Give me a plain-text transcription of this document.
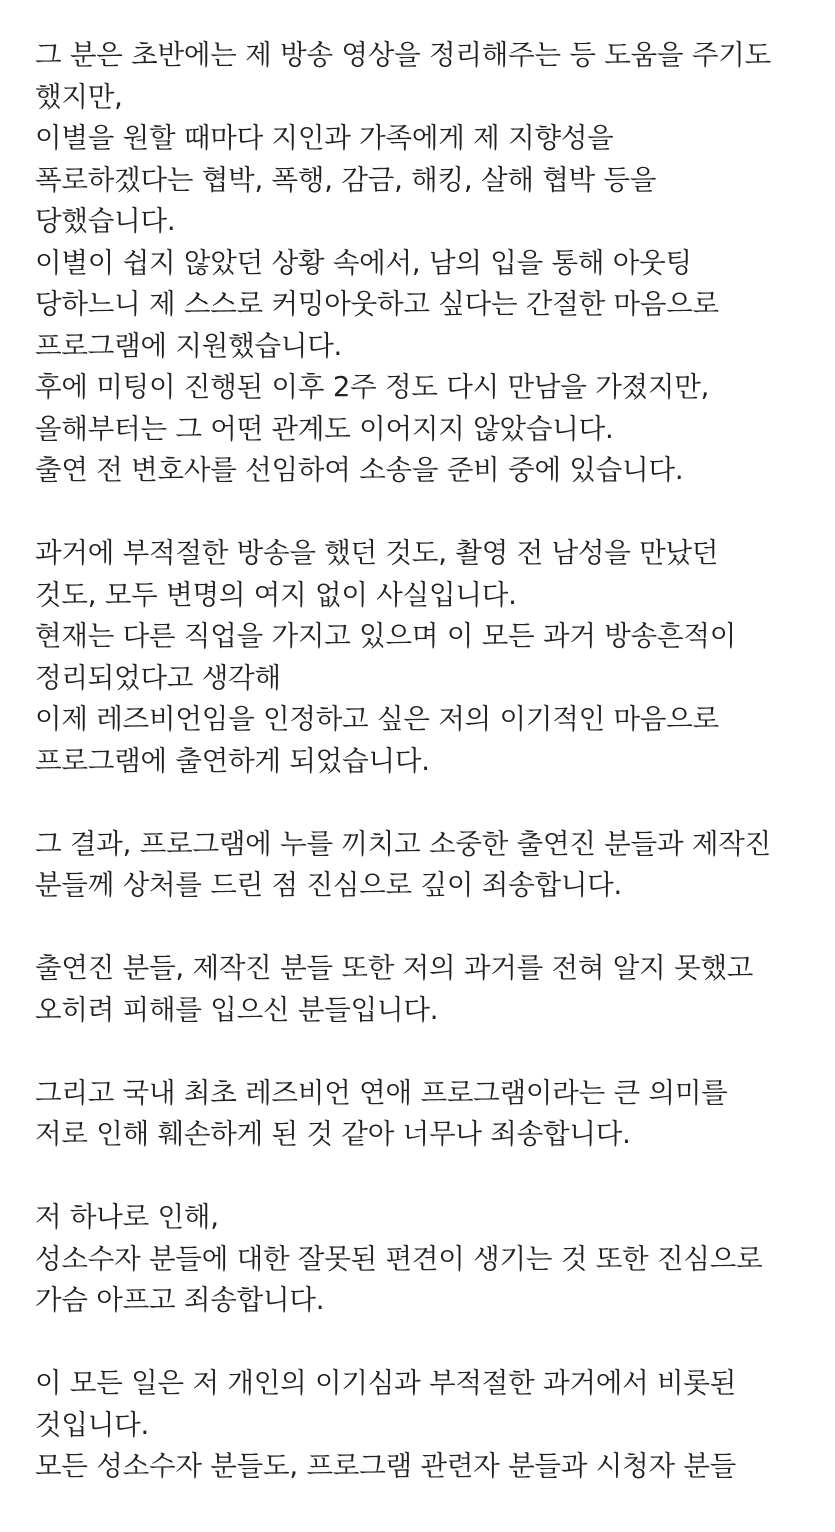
그 분은 초반에는 제 방송 영상을 정리해주는 등 도움을 주기도
했지만,
이별을 원할 때마다 지인과 가족에게 제 지향성을
폭로하겠다는 협박, 폭행, 감금, 해킹, 살해 협박 등을
당했습니다.
이별이 쉽지 않았던 상황 속에서, 남의 입을 통해 아웃팅
당하느니 제 스스로 커밍아웃하고 싶다는 간절한 마음으로
프로그램에 지원했습니다.
후에 미팅이 진행된 이후 2주 정도 다시 만남을 가졌지만,
올해부터는 그 어떤 관계도 이어지지 않았습니다.
출연 전 변호사를 선임하여 소송을 준비 중에 있습니다.
과거에 부적절한 방송을 했던 것도, 촬영 전 남성을 만났던
것도, 모두 변명의 여지 없이 사실입니다.
현재는 다른 직업을 가지고 있으며 이 모든 과거 방송흔적이
정리되었다고 생각해
이제 레즈비언임을 인정하고 싶은 저의 이기적인 마음으로
프로그램에 출연하게 되었습니다.
그 결과, 프로그램에 누를 끼치고 소중한 출연진 분들과 제작진
분들께 상처를 드린 점 진심으로 깊이 죄송합니다.
출연진 분들, 제작진 분들 또한 저의 과거를 전혀 알지 못했고
오히려 피해를 입으신 분들입니다.
그리고 국내 최초 레즈비언 연애 프로그램이라는 큰 의미를
저로 인해 훼손하게 된 것 같아 너무나 죄송합니다.
저 하나로 인해,
성소수자 분들에 대한 잘못된 편견이 생기는 것 또한 진심으로
가슴 아프고 죄송합니다.
이 모든 일은 저 개인의 이기심과 부적절한 과거에서 비롯된
것입니다.
모든 성소수자 분들도, 프로그램 관련자 분들과 시청자 분들
